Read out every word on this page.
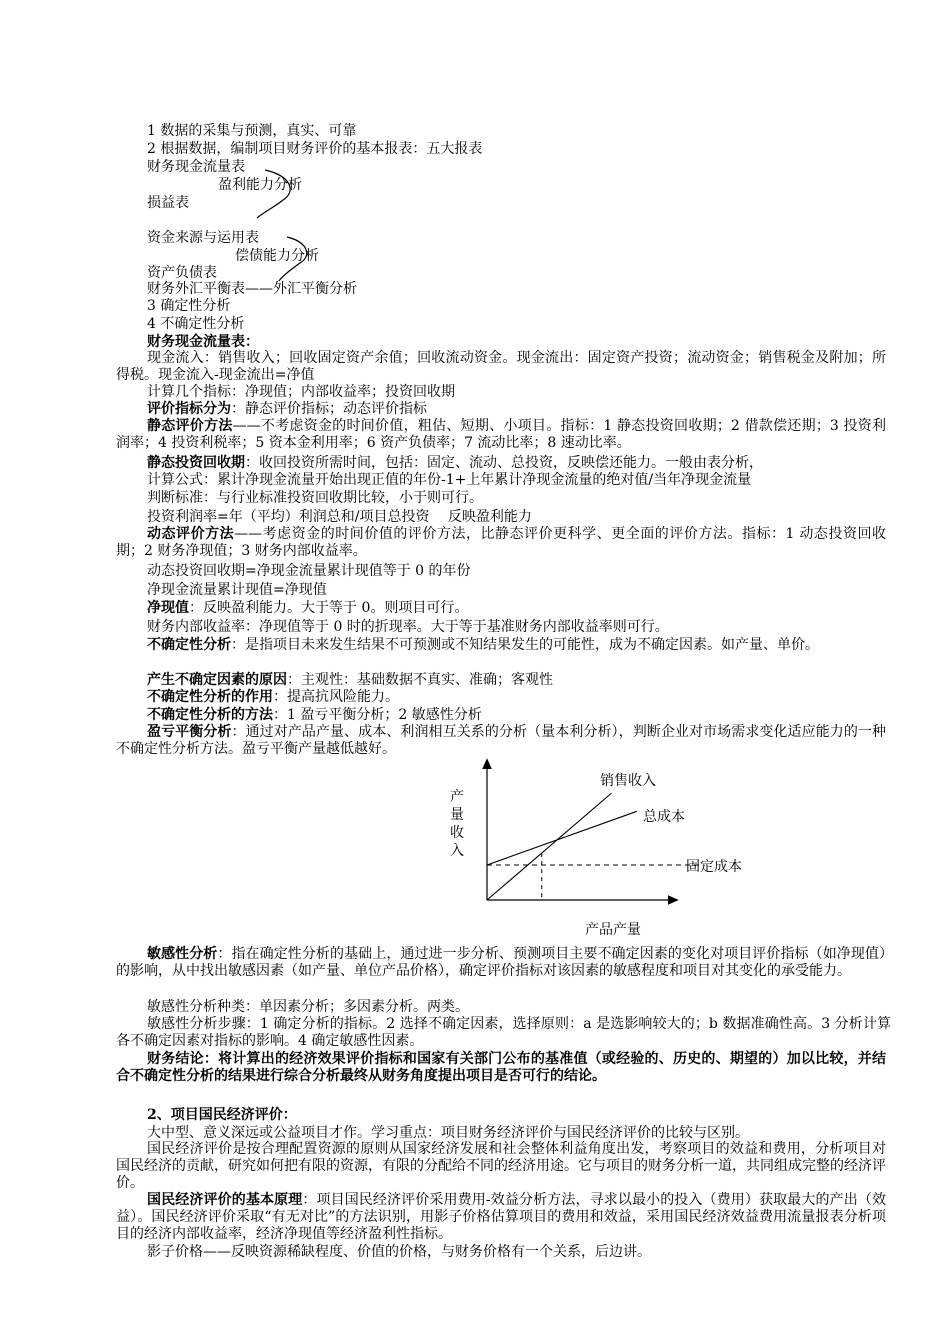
1 数据的采集与预测，真实、可靠
2 根据数据，编制项目财务评价的基本报表：五大报表
财务现金流量表
盈利能力分析
损益表
资金来源与运用表
偿债能力分析
资产负债表
财务外汇平衡表——外汇平衡分析
3 确定性分析
4 不确定性分析
财务现金流量表：
现金流入：销售收入；回收固定资产余值；回收流动资金。现金流出：固定资产投资；流动资金；销售税金及附加；所得税。现金流入-现金流出=净值
计算几个指标：净现值；内部收益率；投资回收期
评价指标分为：静态评价指标；动态评价指标
静态评价方法——不考虑资金的时间价值，粗估、短期、小项目。指标：1 静态投资回收期；2 借款偿还期；3 投资利润率；4 投资利税率；5 资本金利用率；6 资产负债率；7 流动比率；8 速动比率。
静态投资回收期：收回投资所需时间，包括：固定、流动、总投资，反映偿还能力。一般由表分析，
计算公式：累计净现金流量开始出现正值的年份-1+上年累计净现金流量的绝对值/当年净现金流量
判断标准：与行业标准投资回收期比较，小于则可行。
投资利润率=年（平均）利润总和/项目总投资　 反映盈利能力
动态评价方法——考虑资金的时间价值的评价方法，比静态评价更科学、更全面的评价方法。指标：1 动态投资回收期；2 财务净现值；3 财务内部收益率。
动态投资回收期=净现金流量累计现值等于 0 的年份
净现金流量累计现值=净现值
净现值：反映盈利能力。大于等于 0。则项目可行。
财务内部收益率：净现值等于 0 时的折现率。大于等于基准财务内部收益率则可行。
不确定性分析：是指项目未来发生结果不可预测或不知结果发生的可能性，成为不确定因素。如产量、单价。
产生不确定因素的原因：主观性：基础数据不真实、准确；客观性
不确定性分析的作用：提高抗风险能力。
不确定性分析的方法：1 盈亏平衡分析；2 敏感性分析
盈亏平衡分析：通过对产品产量、成本、利润相互关系的分析（量本利分析），判断企业对市场需求变化适应能力的一种不确定性分析方法。盈亏平衡产量越低越好。
产
量
收
入
产品产量
销售收入
总成本
固定成本
敏感性分析：指在确定性分析的基础上，通过进一步分析、预测项目主要不确定因素的变化对项目评价指标（如净现值）的影响，从中找出敏感因素（如产量、单位产品价格），确定评价指标对该因素的敏感程度和项目对其变化的承受能力。
敏感性分析种类：单因素分析；多因素分析。两类。
敏感性分析步骤：1 确定分析的指标。2 选择不确定因素，选择原则：a 是选影响较大的；b 数据准确性高。3 分析计算各不确定因素对指标的影响。4 确定敏感性因素。
财务结论：将计算出的经济效果评价指标和国家有关部门公布的基准值（或经验的、历史的、期望的）加以比较，并结合不确定性分析的结果进行综合分析最终从财务角度提出项目是否可行的结论。
2、项目国民经济评价：
大中型、意义深远或公益项目才作。学习重点：项目财务经济评价与国民经济评价的比较与区别。
国民经济评价是按合理配置资源的原则从国家经济发展和社会整体利益角度出发，考察项目的效益和费用，分析项目对国民经济的贡献，研究如何把有限的资源，有限的分配给不同的经济用途。它与项目的财务分析一道，共同组成完整的经济评价。
国民经济评价的基本原理：项目国民经济评价采用费用-效益分析方法，寻求以最小的投入（费用）获取最大的产出（效益）。国民经济评价采取“有无对比”的方法识别，用影子价格估算项目的费用和效益，采用国民经济效益费用流量报表分析项目的经济内部收益率，经济净现值等经济盈利性指标。
影子价格——反映资源稀缺程度、价值的价格，与财务价格有一个关系，后边讲。
